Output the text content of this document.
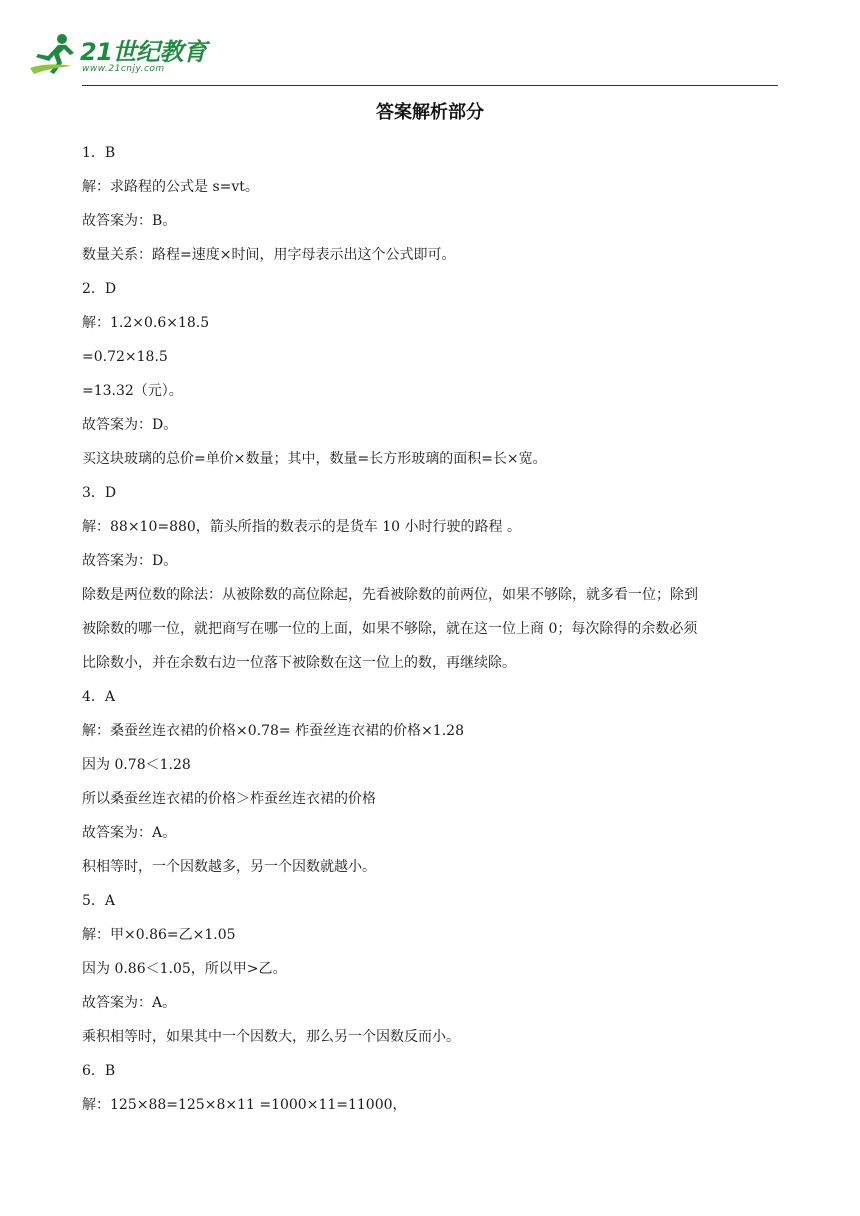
21世纪教育
www.21cnjy.com
答案解析部分
1．B
解：求路程的公式是 s=vt。
故答案为：B。
数量关系：路程=速度×时间，用字母表示出这个公式即可。
2．D
解：1.2×0.6×18.5
=0.72×18.5
=13.32（元）。
故答案为：D。
买这块玻璃的总价=单价×数量；其中，数量=长方形玻璃的面积=长×宽。
3．D
解：88×10=880，箭头所指的数表示的是货车 10 小时行驶的路程 。
故答案为：D。
除数是两位数的除法：从被除数的高位除起，先看被除数的前两位，如果不够除，就多看一位；除到
被除数的哪一位，就把商写在哪一位的上面，如果不够除，就在这一位上商 0；每次除得的余数必须
比除数小，并在余数右边一位落下被除数在这一位上的数，再继续除。
4．A
解：桑蚕丝连衣裙的价格×0.78= 柞蚕丝连衣裙的价格×1.28
因为 0.78＜1.28
所以桑蚕丝连衣裙的价格＞柞蚕丝连衣裙的价格
故答案为：A。
积相等时，一个因数越多，另一个因数就越小。
5．A
解：甲×0.86=乙×1.05
因为 0.86＜1.05，所以甲>乙。
故答案为：A。
乘积相等时，如果其中一个因数大，那么另一个因数反而小。
6．B
解：125×88=125×8×11 =1000×11=11000，
